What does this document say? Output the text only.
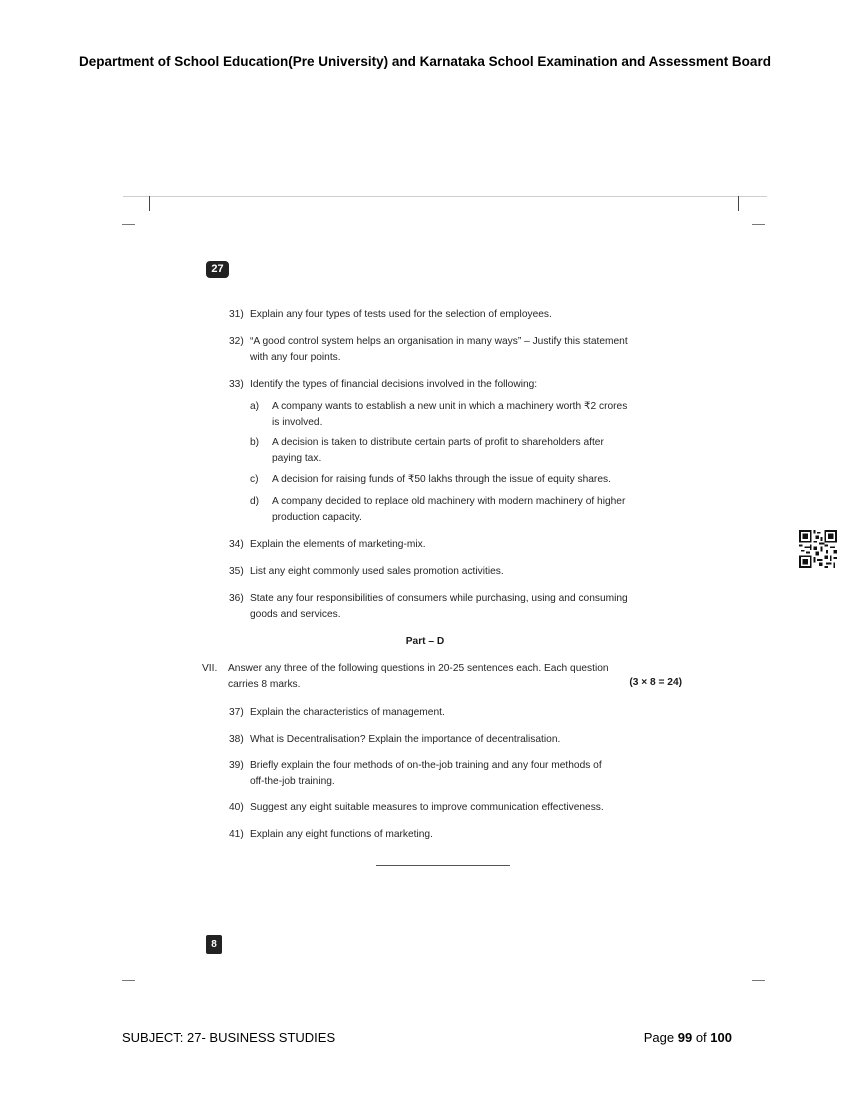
Department of School Education(Pre University) and Karnataka School Examination and Assessment Board
27
31) Explain any four types of tests used for the selection of employees.
32) “A good control system helps an organisation in many ways” – Justify this statement
with any four points.
33) Identify the types of financial decisions involved in the following:
a) A company wants to establish a new unit in which a machinery worth ₹2 crores
is involved.
b) A decision is taken to distribute certain parts of profit to shareholders after
paying tax.
c) A decision for raising funds of ₹50 lakhs through the issue of equity shares.
d) A company decided to replace old machinery with modern machinery of higher
production capacity.
34) Explain the elements of marketing-mix.
35) List any eight commonly used sales promotion activities.
36) State any four responsibilities of consumers while purchasing, using and consuming
goods and services.
Part – D
VII. Answer any three of the following questions in 20-25 sentences each. Each question
carries 8 marks.	(3 × 8 = 24)
37) Explain the characteristics of management.
38) What is Decentralisation? Explain the importance of decentralisation.
39) Briefly explain the four methods of on-the-job training and any four methods of
off-the-job training.
40) Suggest any eight suitable measures to improve communication effectiveness.
41) Explain any eight functions of marketing.
8
SUBJECT: 27- BUSINESS STUDIES	Page 99 of 100
